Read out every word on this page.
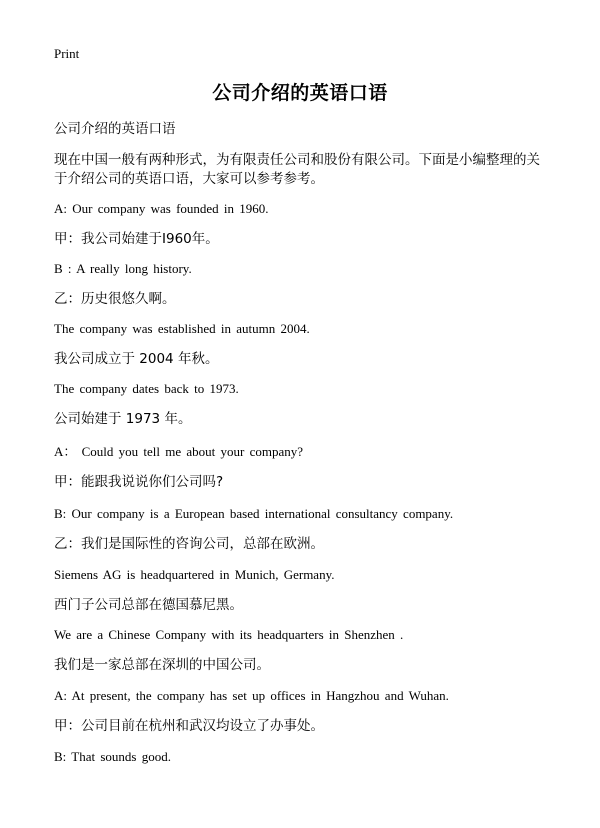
Print
公司介绍的英语口语
公司介绍的英语口语
现在中国一般有两种形式，为有限责任公司和股份有限公司。下面是小编整理的关
于介绍公司的英语口语，大家可以参考参考。
A: Our company was founded in 1960.
甲：我公司始建于I960年。
B : A really long history.
乙：历史很悠久啊。
The company was established in autumn 2004.
我公司成立于 2004 年秋。
The company dates back to 1973.
公司始建于 1973 年。
A： Could you tell me about your company?
甲：能跟我说说你们公司吗?
B: Our company is a European based international consultancy company.
乙：我们是国际性的咨询公司，总部在欧洲。
Siemens AG is headquartered in Munich, Germany.
西门子公司总部在德国慕尼黑。
We are a Chinese Company with its headquarters in Shenzhen .
我们是一家总部在深圳的中国公司。
A: At present, the company has set up offices in Hangzhou and Wuhan.
甲：公司目前在杭州和武汉均设立了办事处。
B: That sounds good.
